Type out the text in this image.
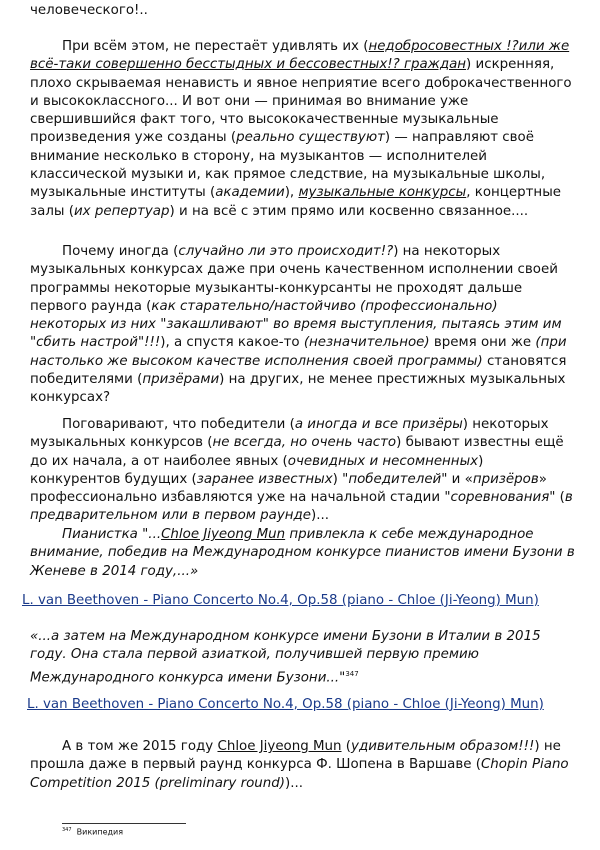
человеческого!..

При всём этом, не перестаёт удивлять их (недобросовестных !?или же всё-таки совершенно бесстыдных и бессовестных!? граждан) искренняя, плохо скрываемая ненависть и явное неприятие всего доброкачественного и высококлассного... И вот они — принимая во внимание уже свершившийся факт того, что высококачественные музыкальные произведения уже созданы (реально существуют) — направляют своё внимание несколько в сторону, на музыкантов — исполнителей классической музыки и, как прямое следствие, на музыкальные школы, музыкальные институты (академии), музыкальные конкурсы, концертные залы (их репертуар) и на всё с этим прямо или косвенно связанное....

Почему иногда (случайно ли это происходит!?) на некоторых музыкальных конкурсах даже при очень качественном исполнении своей программы некоторые музыканты-конкурсанты не проходят дальше первого раунда (как старательно/настойчиво (профессионально) некоторых из них "закашливают" во время выступления, пытаясь этим им "сбить настрой"!!!), а спустя какое-то (незначительное) время они же (при настолько же высоком качестве исполнения своей программы) становятся победителями (призёрами) на других, не менее престижных музыкальных конкурсах?

Поговаривают, что победители (а иногда и все призёры) некоторых музыкальных конкурсов (не всегда, но очень часто) бывают известны ещё до их начала, а от наиболее явных (очевидных и несомненных) конкурентов будущих (заранее известных) "победителей" и «призёров» профессионально избавляются уже на начальной стадии "соревнования" (в предварительном или в первом раунде)...

Пианистка "...Chloe Jiyeong Mun привлекла к себе международное внимание, победив на Международном конкурсе пианистов имени Бузони в Женеве в 2014 году,...»

L. van Beethoven - Piano Concerto No.4, Op.58 (piano - Chloe (Ji-Yeong) Mun)

«...а затем на Международном конкурсе имени Бузони в Италии в 2015 году. Она стала первой азиаткой, получившей первую премию Международного конкурса имени Бузони..."$^{347}$

L. van Beethoven - Piano Concerto No.4, Op.58 (piano - Chloe (Ji-Yeong) Mun)

А в том же 2015 году Chloe Jiyeong Mun (удивительным образом!!!) не прошла даже в первый раунд конкурса Ф. Шопена в Варшаве (Chopin Piano Competition 2015 (preliminary round))...

$^{347}$ Википедия
